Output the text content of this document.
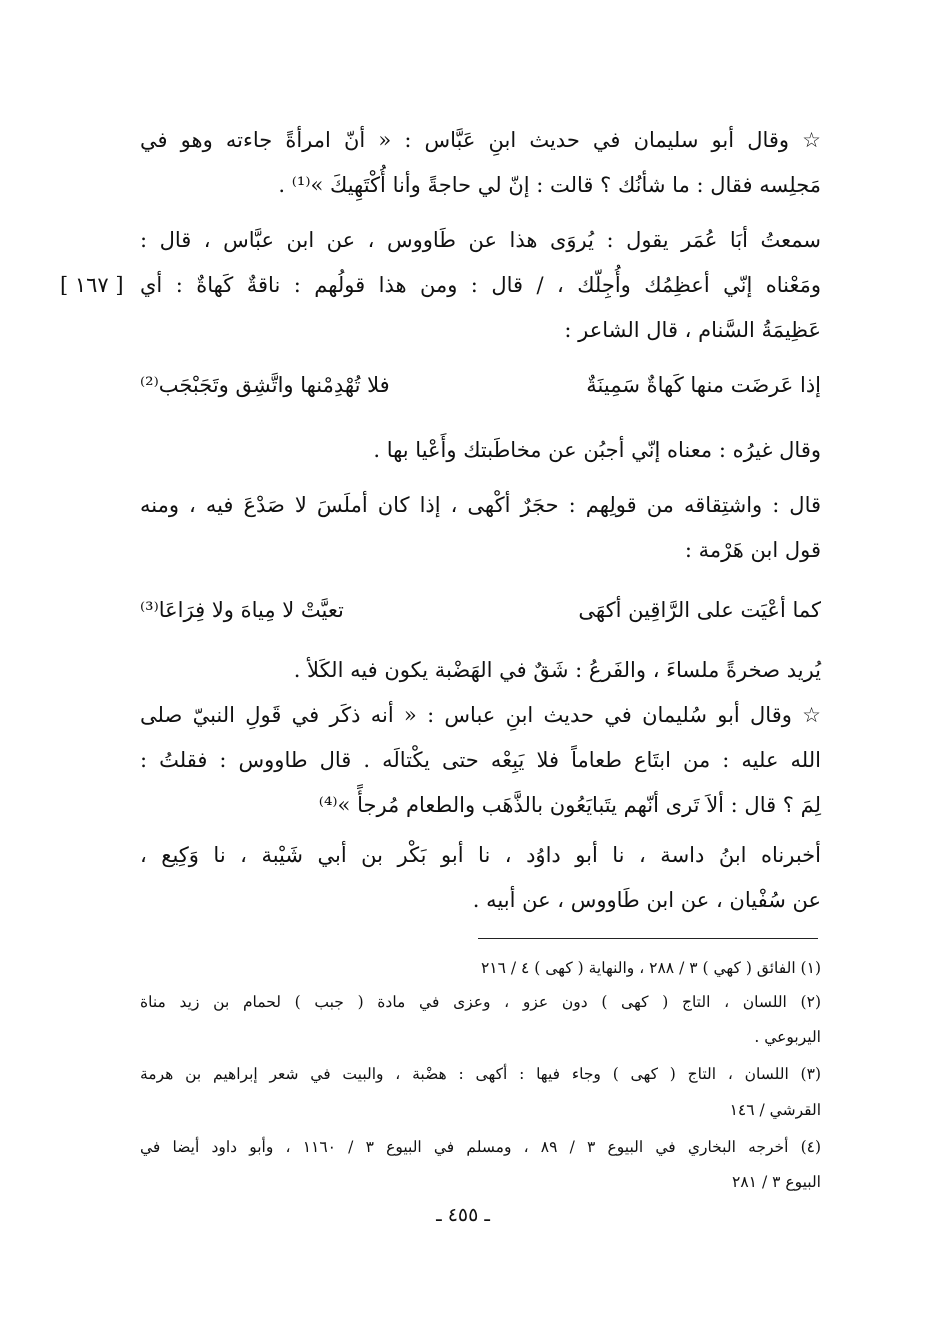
☆ وقال أبو سليمان في حديث ابنِ عَبَّاس : « أنّ امرأةً جاءته وهو في
مَجلِسه فقال : ما شأنُك ؟ قالت : إنّ لي حاجةً وأنا أُكْتَهِيكَ »⁽¹⁾ .
سمعتُ أبَا عُمَر يقول : يُروَى هذا عن طَاووس ، عن ابن عبَّاس ، قال :
ومَعْناه إنّي أعظِمُك وأُجِلّك ، / قال : ومن هذا قولُهم : ناقةٌ كَهاةٌ : أي
[ ١٦٧ ]
عَظِيمَةُ السَّنام ، قال الشاعر :
إذا عَرضَت منها كَهاةٌ سَمِينَةٌ
فلا تُهْدِمْنها واتَّشِق وتَجَبْجَب⁽²⁾
وقال غيرُه : معناه إنّي أجبُن عن مخاطَبتك وأَعْيا بها .
قال : واشتِقاقه من قولِهم : حجَرٌ أكْهى ، إذا كان أملَسَ لا صَدْعَ فيه ، ومنه
قول ابن هَرْمة :
كما أعْيَت على الرَّاقِين أكهَى
تعيَّتْ لا مِياهَ ولا فِرَاعَا⁽³⁾
يُريد صخرةً ملساءَ ، والفَرعُ : شَقٌ في الهَضْبة يكون فيه الكَلأ .
☆ وقال أبو سُليمان في حديث ابنِ عباس : « أنه ذكَر في قَولِ النبيّ صلى
الله عليه : من ابتَاع طعاماً فلا يَبِعْه حتى يكْتالَه . قال طاووس : فقلتُ :
لِمَ ؟ قال : ألاَ تَرى أنّهم يتَبايَعُون بالذَّهَب والطعام مُرجأً »⁽⁴⁾
أخبرناه ابنُ داسة ، نا أبو داوُد ، نا أبو بَكْر بن أبي شَيْبة ، نا وَكِيع ،
عن سُفْيان ، عن ابن طَاووس ، عن أبيه .
(١) الفائق ( كهي ) ٣ / ٢٨٨ ، والنهاية ( كهى ) ٤ / ٢١٦
(٢) اللسان ، التاج ( كهى ) دون عزو ، وعزى في مادة ( جبب ) لحمام بن زيد مناة
اليربوعي .
(٣) اللسان ، التاج ( كهى ) وجاء فيها : أكهى : هضْبة ، والبيت في شعر إبراهيم بن هرمة
القرشي / ١٤٦
(٤) أخرجه البخاري في البيوع ٣ / ٨٩ ، ومسلم في البيوع ٣ / ١١٦٠ ، وأبو داود أيضا في
البيوع ٣ / ٢٨١
ـ ٤٥٥ ـ
